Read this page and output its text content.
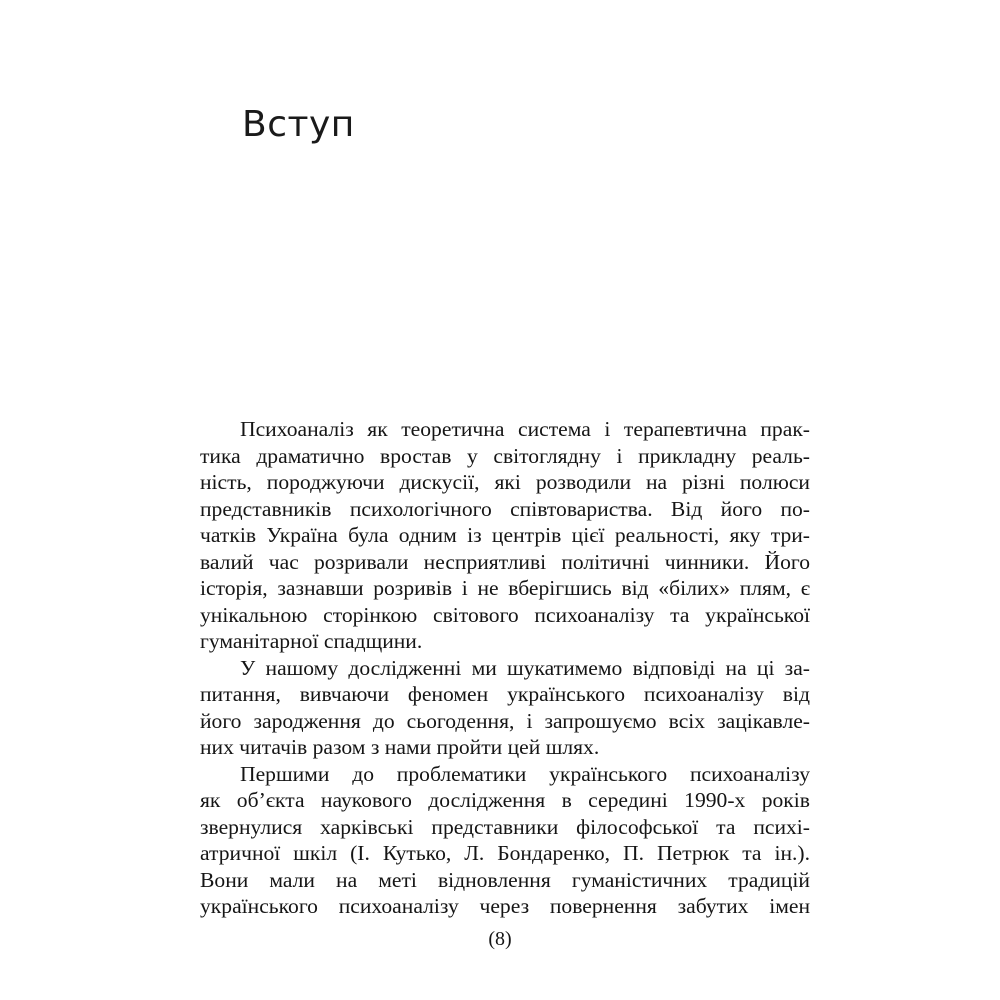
Вступ
Психоаналіз як теоретична система і терапевтична прак-
тика драматично вростав у світоглядну і прикладну реаль-
ність, породжуючи дискусії, які розводили на різні полюси
представників психологічного співтовариства. Від його по-
чатків Україна була одним із центрів цієї реальності, яку три-
валий час розривали несприятливі політичні чинники. Його
історія, зазнавши розривів і не вберігшись від «білих» плям, є
унікальною сторінкою світового психоаналізу та української
гуманітарної спадщини.
У нашому дослідженні ми шукатимемо відповіді на ці за-
питання, вивчаючи феномен українського психоаналізу від
його зародження до сьогодення, і запрошуємо всіх зацікавле-
них читачів разом з нами пройти цей шлях.
Першими до проблематики українського психоаналізу
як об’єкта наукового дослідження в середині 1990-х років
звернулися харківські представники філософської та психі-
атричної шкіл (І. Кутько, Л. Бондаренко, П. Петрюк та ін.).
Вони мали на меті відновлення гуманістичних традицій
українського психоаналізу через повернення забутих імен
(8)
